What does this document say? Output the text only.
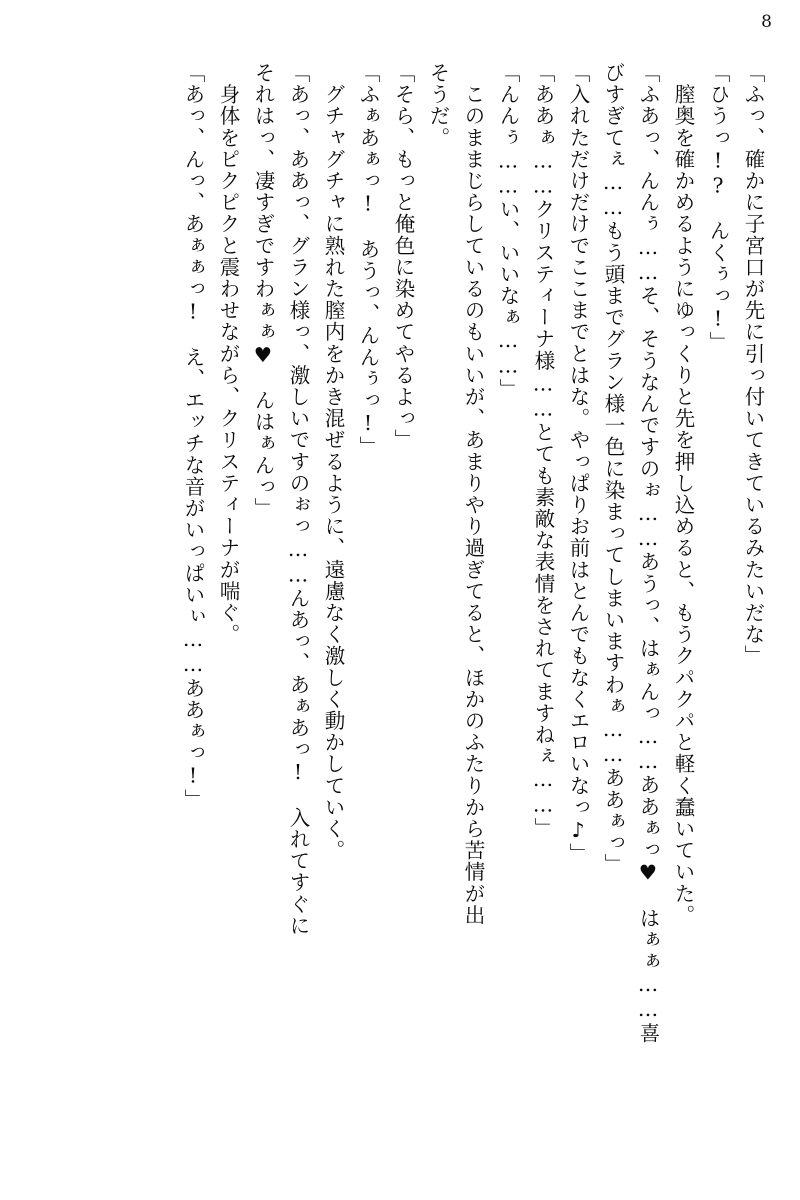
8
「ふっ、確かに子宮口が先に引っ付いてきているみたいだな」
「ひうっ!?　んくぅっ!」
　膣奥を確かめるようにゆっくりと先を押し込めると、もうクパクパと軽く蠢いていた。
「ふあっ、んんぅ……そ、そうなんですのぉ……あうっ、はぁんっ……ああぁっ♥　はぁぁ……喜
びすぎてぇ……もう頭までグラン様一色に染まってしまいますわぁ……ああぁっ」
「入れただけだけでここまでとはな。やっぱりお前はとんでもなくエロいなっ♪」
「ああぁ……クリスティーナ様……とても素敵な表情をされてますねぇ……」
「んんぅ……い、いいなぁ……」
　このままじらしているのもいいが、あまりやり過ぎてると、ほかのふたりから苦情が出
そうだ。
「そら、もっと俺色に染めてやるよっ」
「ふぁあぁっ!　あうっ、んんぅっ!」
　グチャグチャに熟れた膣内をかき混ぜるように、遠慮なく激しく動かしていく。
「あっ、ああっ、グラン様っ、激しいですのぉっ……んあっ、あぁあっ!　入れてすぐに
それはっ、凄すぎですわぁぁ♥　んはぁんっ」
　身体をピクピクと震わせながら、クリスティーナが喘ぐ。
「あっ、んっ、あぁぁっ!　え、エッチな音がいっぱいぃ……ああぁっ!」
